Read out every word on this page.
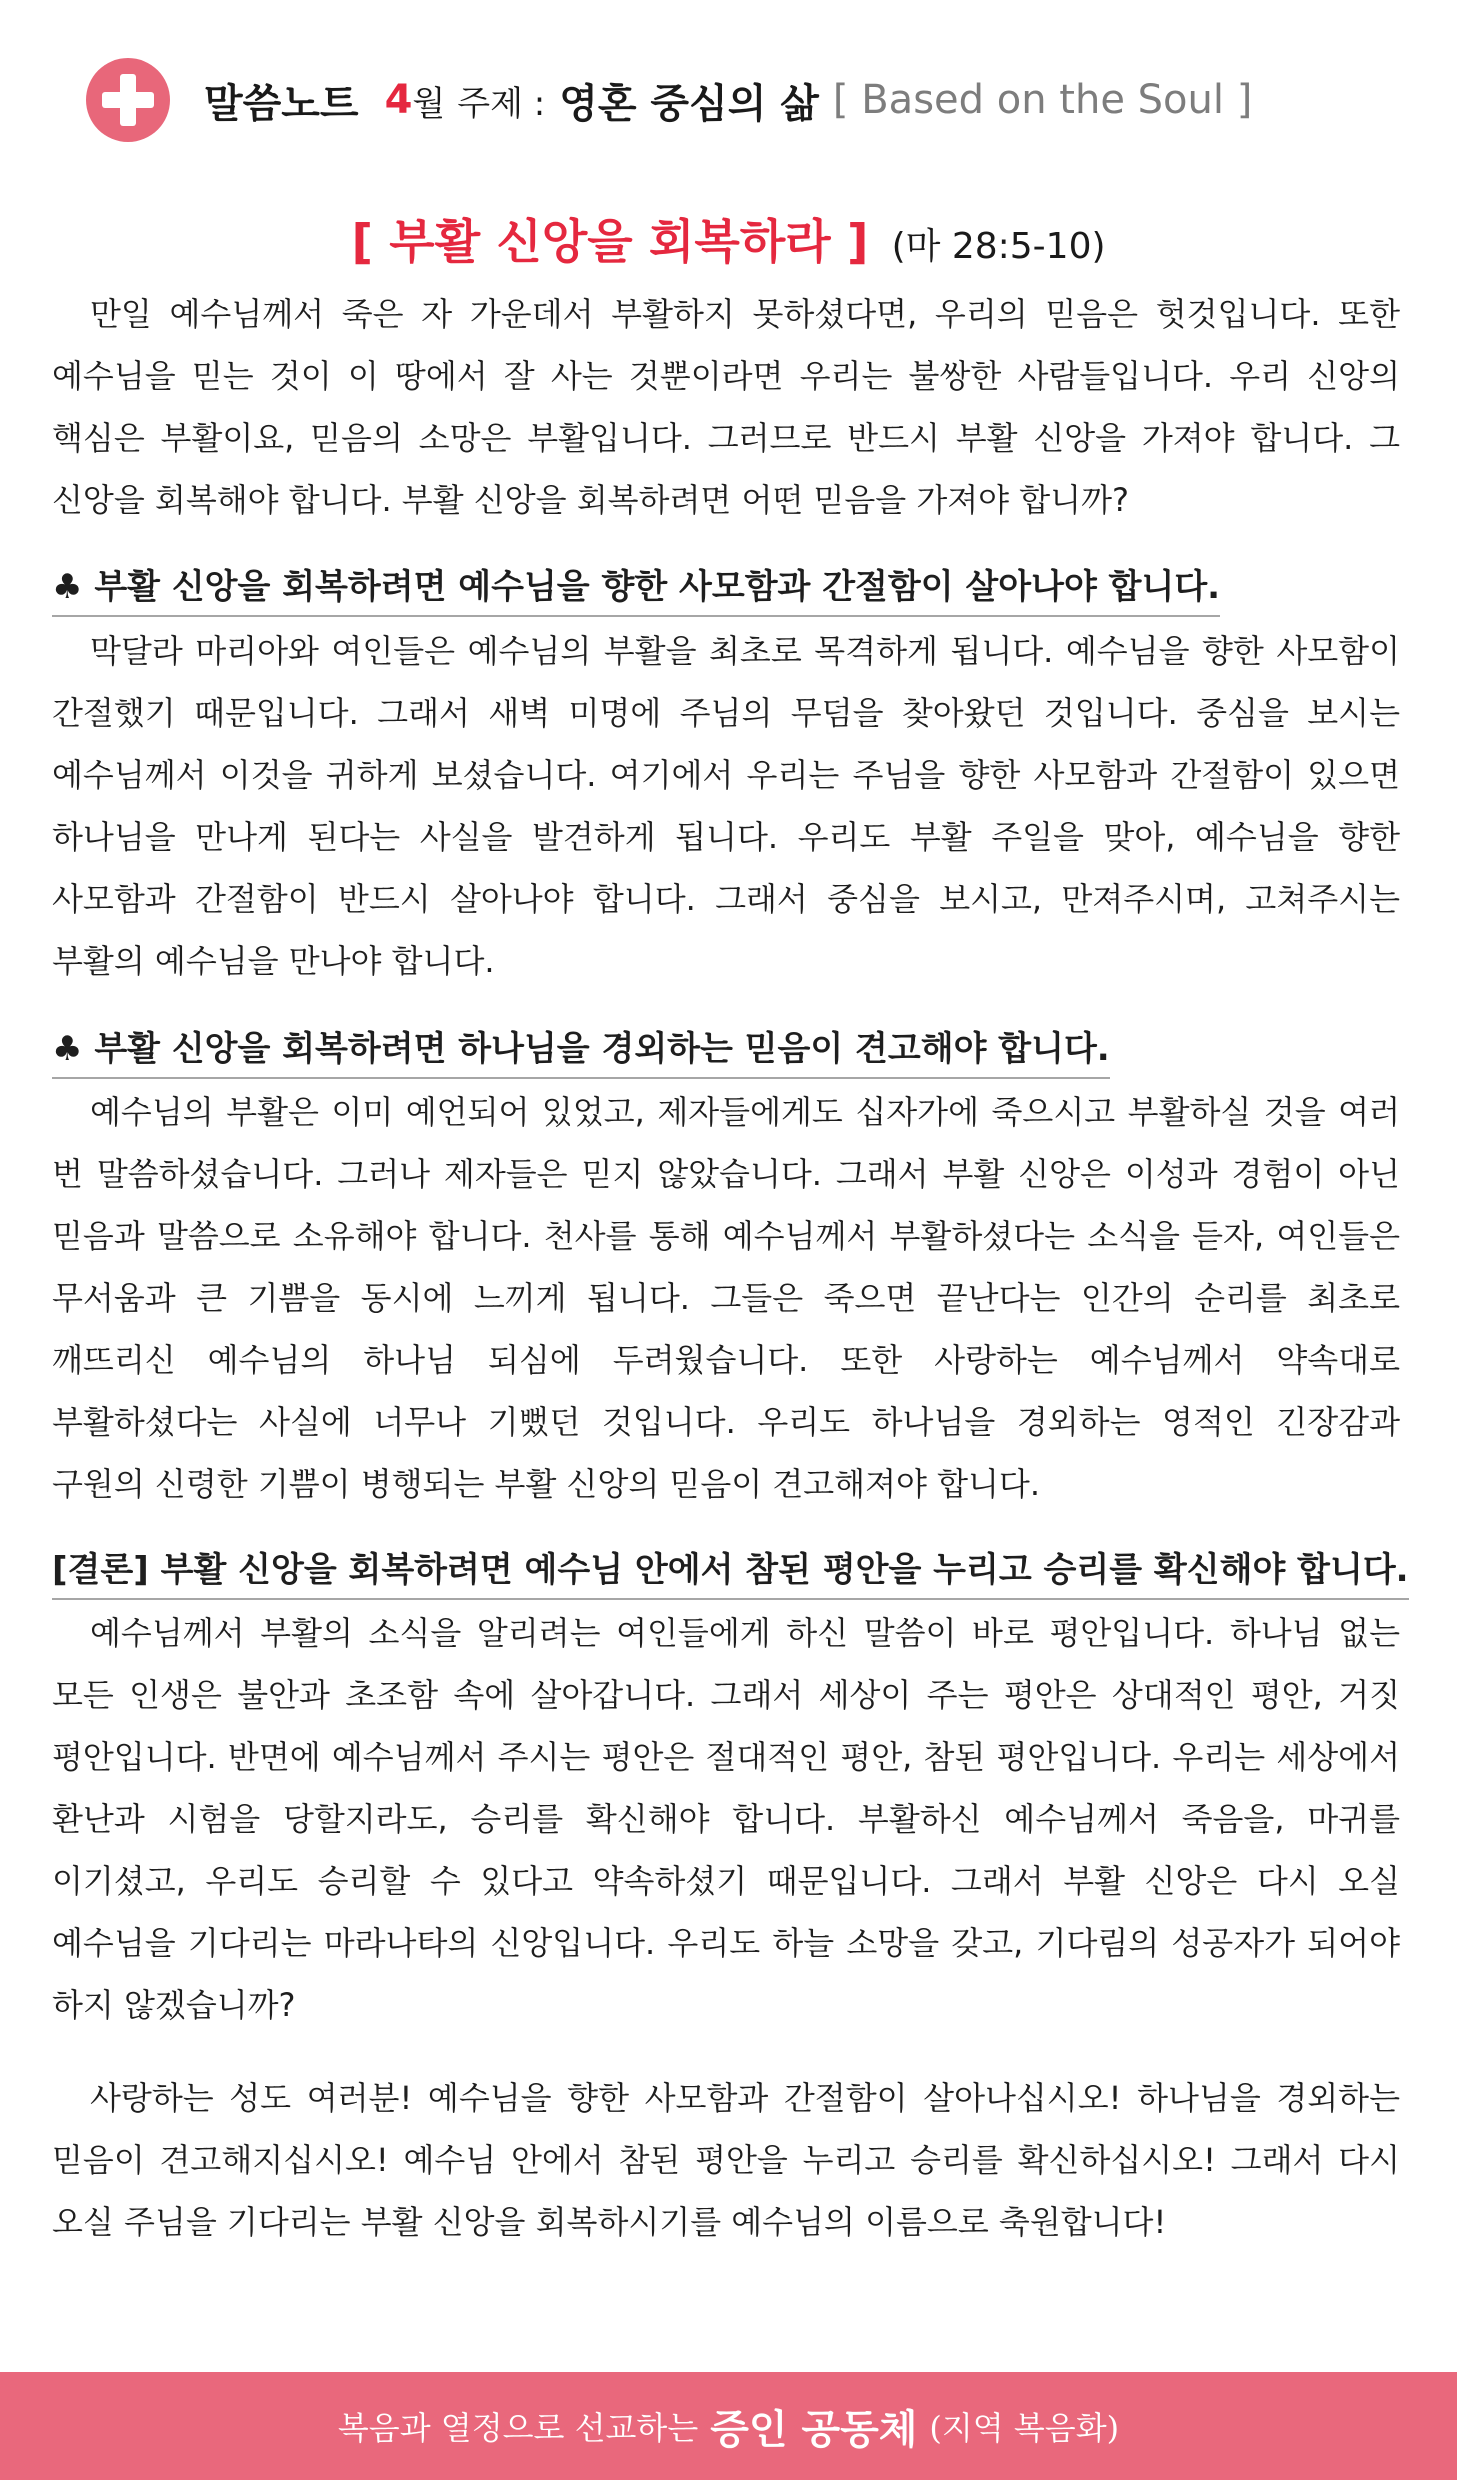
말씀노트 4 월 주제 : 영혼 중심의 삶 [ Based on the Soul ]
[ 부활 신앙을 회복하라 ] (마 28:5-10)

만일 예수님께서 죽은 자 가운데서 부활하지 못하셨다면, 우리의 믿음은 헛것입니다. 또한 예수님을 믿는 것이 이 땅에서 잘 사는 것뿐이라면 우리는 불쌍한 사람들입니다. 우리 신앙의 핵심은 부활이요, 믿음의 소망은 부활입니다. 그러므로 반드시 부활 신앙을 가져야 합니다. 그 신앙을 회복해야 합니다. 부활 신앙을 회복하려면 어떤 믿음을 가져야 합니까?

♣ 부활 신앙을 회복하려면 예수님을 향한 사모함과 간절함이 살아나야 합니다.

막달라 마리아와 여인들은 예수님의 부활을 최초로 목격하게 됩니다. 예수님을 향한 사모함이 간절했기 때문입니다. 그래서 새벽 미명에 주님의 무덤을 찾아왔던 것입니다. 중심을 보시는 예수님께서 이것을 귀하게 보셨습니다. 여기에서 우리는 주님을 향한 사모함과 간절함이 있으면 하나님을 만나게 된다는 사실을 발견하게 됩니다. 우리도 부활 주일을 맞아, 예수님을 향한 사모함과 간절함이 반드시 살아나야 합니다. 그래서 중심을 보시고, 만져주시며, 고쳐주시는 부활의 예수님을 만나야 합니다.

♣ 부활 신앙을 회복하려면 하나님을 경외하는 믿음이 견고해야 합니다.

예수님의 부활은 이미 예언되어 있었고, 제자들에게도 십자가에 죽으시고 부활하실 것을 여러 번 말씀하셨습니다. 그러나 제자들은 믿지 않았습니다. 그래서 부활 신앙은 이성과 경험이 아닌 믿음과 말씀으로 소유해야 합니다. 천사를 통해 예수님께서 부활하셨다는 소식을 듣자, 여인들은 무서움과 큰 기쁨을 동시에 느끼게 됩니다. 그들은 죽으면 끝난다는 인간의 순리를 최초로 깨뜨리신 예수님의 하나님 되심에 두려웠습니다. 또한 사랑하는 예수님께서 약속대로 부활하셨다는 사실에 너무나 기뻤던 것입니다. 우리도 하나님을 경외하는 영적인 긴장감과 구원의 신령한 기쁨이 병행되는 부활 신앙의 믿음이 견고해져야 합니다.

[결론] 부활 신앙을 회복하려면 예수님 안에서 참된 평안을 누리고 승리를 확신해야 합니다.

예수님께서 부활의 소식을 알리려는 여인들에게 하신 말씀이 바로 평안입니다. 하나님 없는 모든 인생은 불안과 초조함 속에 살아갑니다. 그래서 세상이 주는 평안은 상대적인 평안, 거짓 평안입니다. 반면에 예수님께서 주시는 평안은 절대적인 평안, 참된 평안입니다. 우리는 세상에서 환난과 시험을 당할지라도, 승리를 확신해야 합니다. 부활하신 예수님께서 죽음을, 마귀를 이기셨고, 우리도 승리할 수 있다고 약속하셨기 때문입니다. 그래서 부활 신앙은 다시 오실 예수님을 기다리는 마라나타의 신앙입니다. 우리도 하늘 소망을 갖고, 기다림의 성공자가 되어야 하지 않겠습니까?

사랑하는 성도 여러분! 예수님을 향한 사모함과 간절함이 살아나십시오! 하나님을 경외하는 믿음이 견고해지십시오! 예수님 안에서 참된 평안을 누리고 승리를 확신하십시오! 그래서 다시 오실 주님을 기다리는 부활 신앙을 회복하시기를 예수님의 이름으로 축원합니다!

복음과 열정으로 선교하는 증인 공동체 (지역 복음화)
